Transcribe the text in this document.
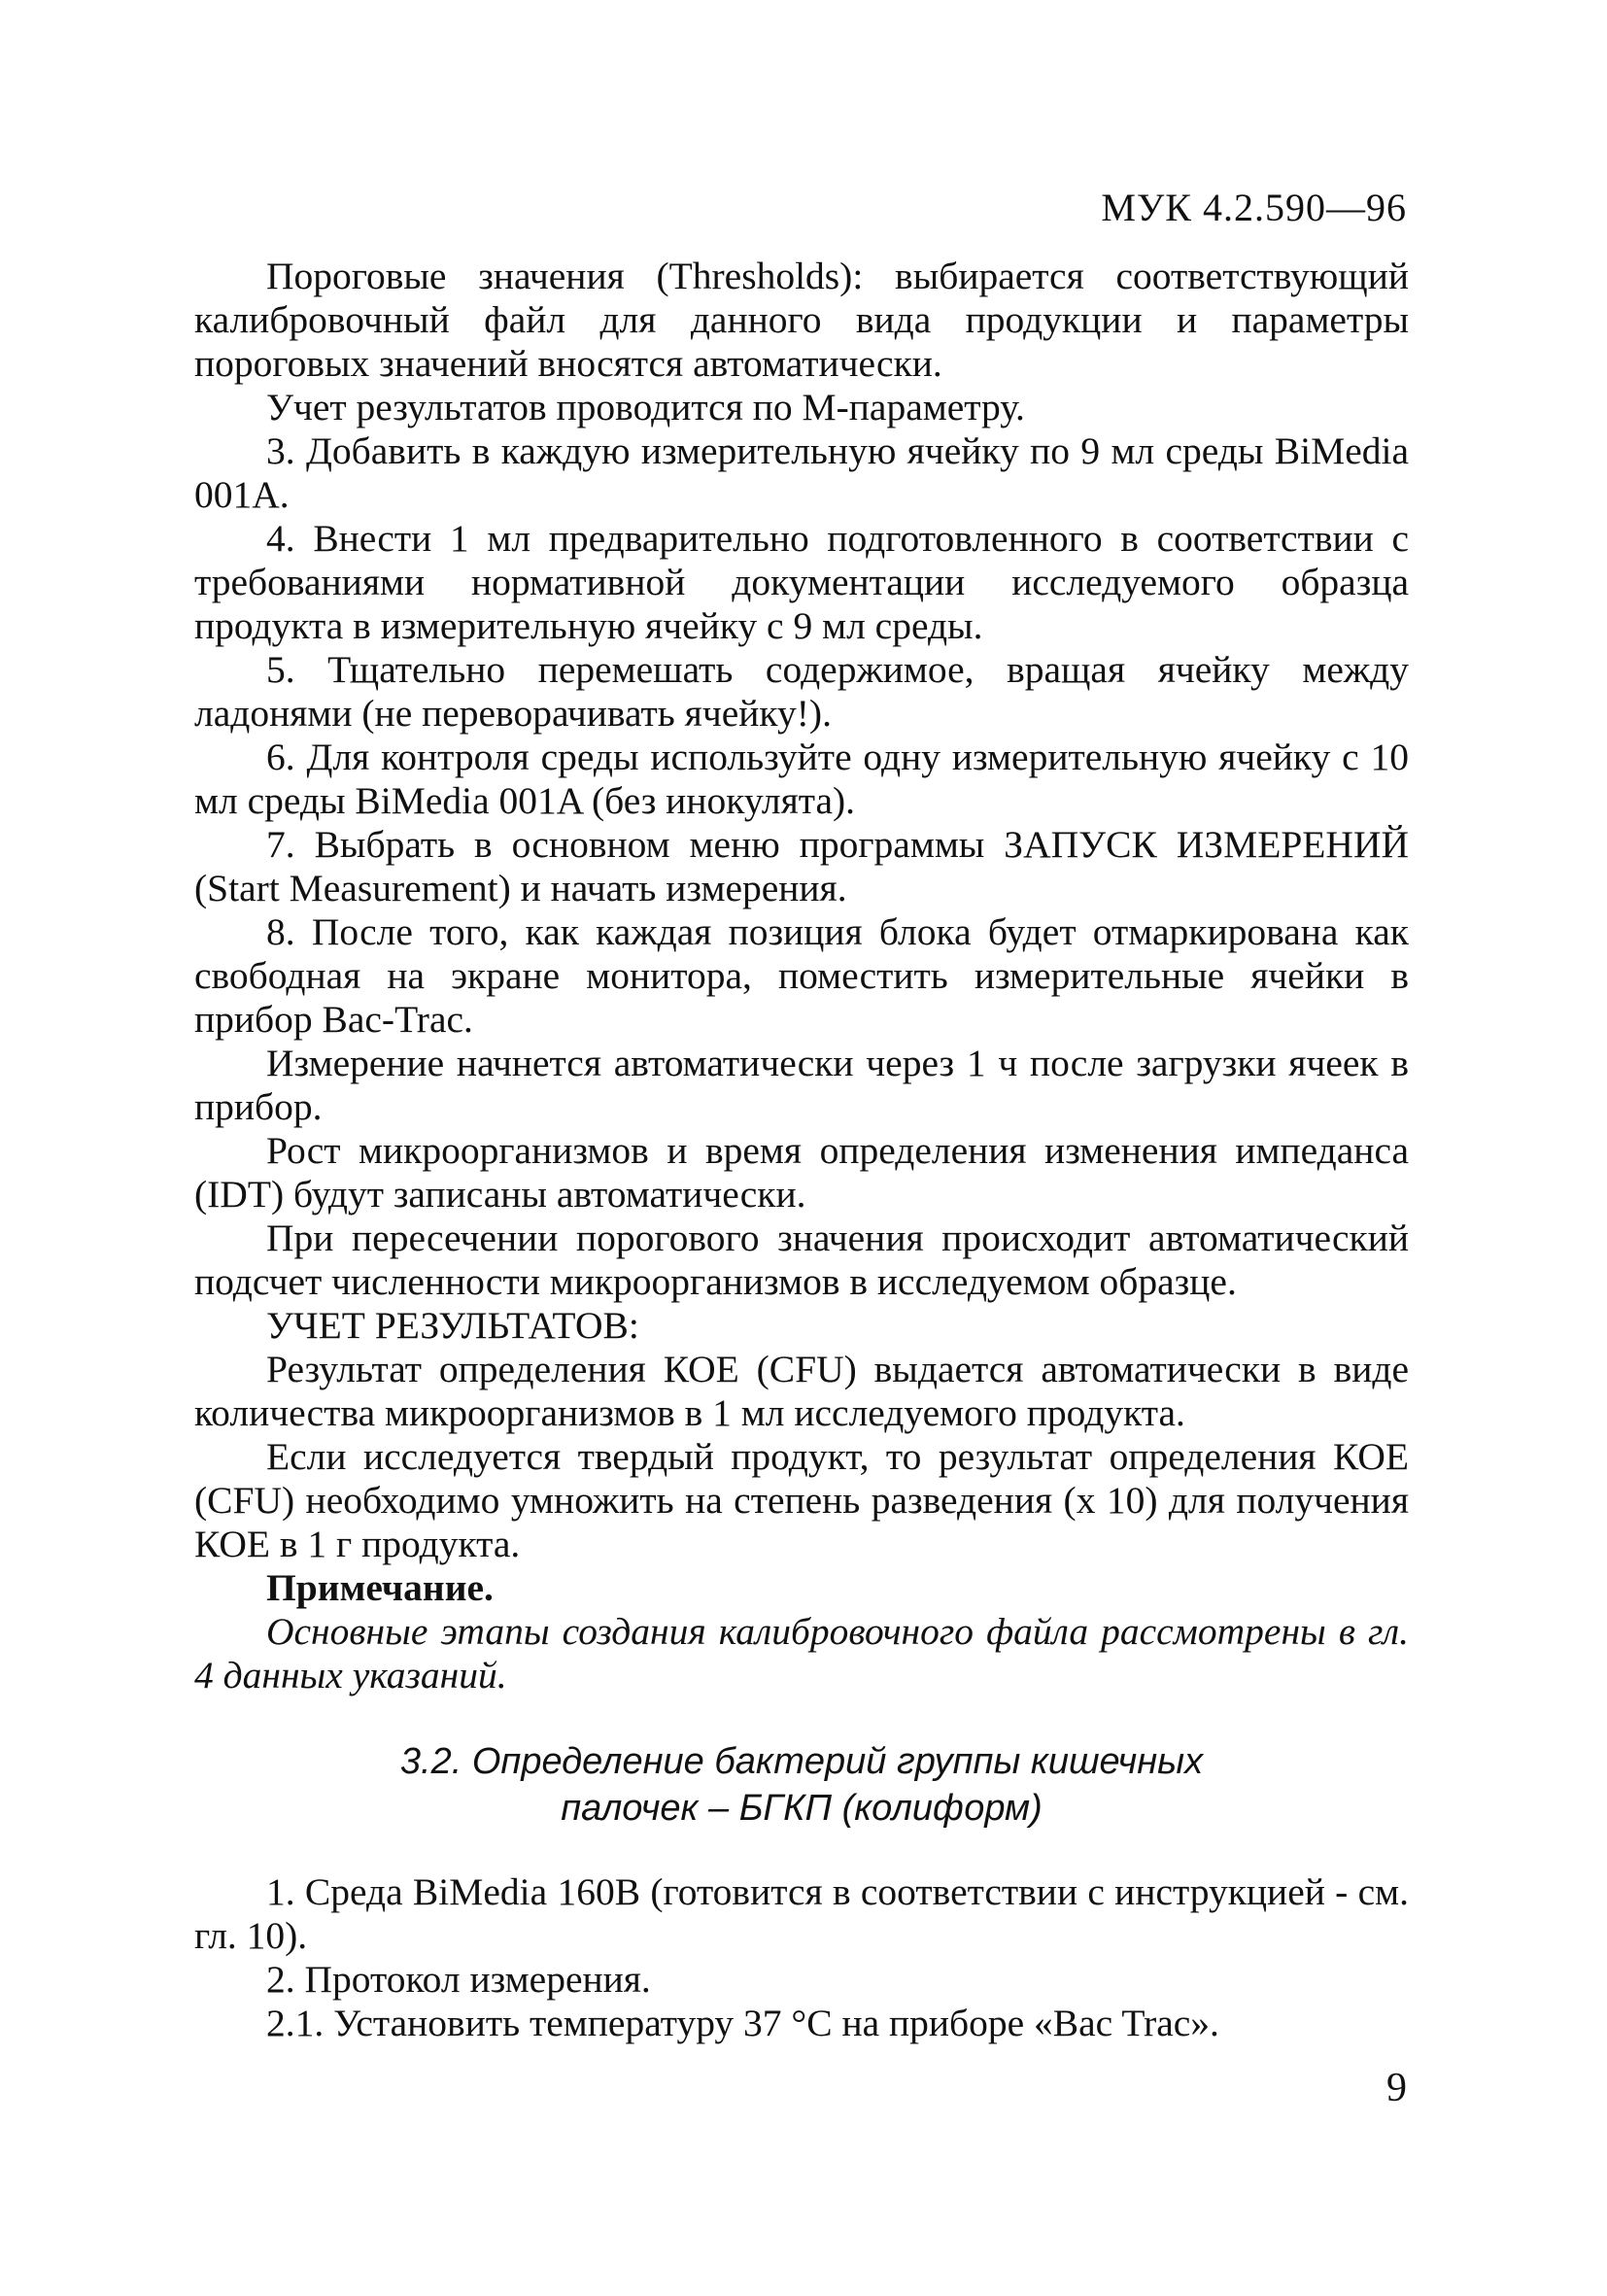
МУК 4.2.590—96

Пороговые значения (Thresholds): выбирается соответствующий калибровочный файл для данного вида продукции и параметры пороговых значений вносятся автоматически.

Учет результатов проводится по М-параметру.

3. Добавить в каждую измерительную ячейку по 9 мл среды BiMedia 001A.

4. Внести 1 мл предварительно подготовленного в соответствии с требованиями нормативной документации исследуемого образца продукта в измерительную ячейку с 9 мл среды.

5. Тщательно перемешать содержимое, вращая ячейку между ладонями (не переворачивать ячейку!).

6. Для контроля среды используйте одну измерительную ячейку с 10 мл среды BiMedia 001A (без инокулята).

7. Выбрать в основном меню программы ЗАПУСК ИЗМЕРЕНИЙ (Start Measurement) и начать измерения.

8. После того, как каждая позиция блока будет отмаркирована как свободная на экране монитора, поместить измерительные ячейки в прибор Bac-Trac.

Измерение начнется автоматически через 1 ч после загрузки ячеек в прибор.

Рост микроорганизмов и время определения изменения импеданса (IDT) будут записаны автоматически.

При пересечении порогового значения происходит автоматический подсчет численности микроорганизмов в исследуемом образце.

УЧЕТ РЕЗУЛЬТАТОВ:

Результат определения КОЕ (CFU) выдается автоматически в виде количества микроорганизмов в 1 мл исследуемого продукта.

Если исследуется твердый продукт, то результат определения КОЕ (CFU) необходимо умножить на степень разведения (х 10) для получения КОЕ в 1 г продукта.

Примечание.

Основные этапы создания калибровочного файла рассмотрены в гл. 4 данных указаний.

3.2. Определение бактерий группы кишечных
палочек – БГКП (колиформ)

1. Среда BiMedia 160B (готовится в соответствии с инструкцией - см. гл. 10).

2. Протокол измерения.

2.1. Установить температуру 37 °С на приборе «Bac Trac».

9
